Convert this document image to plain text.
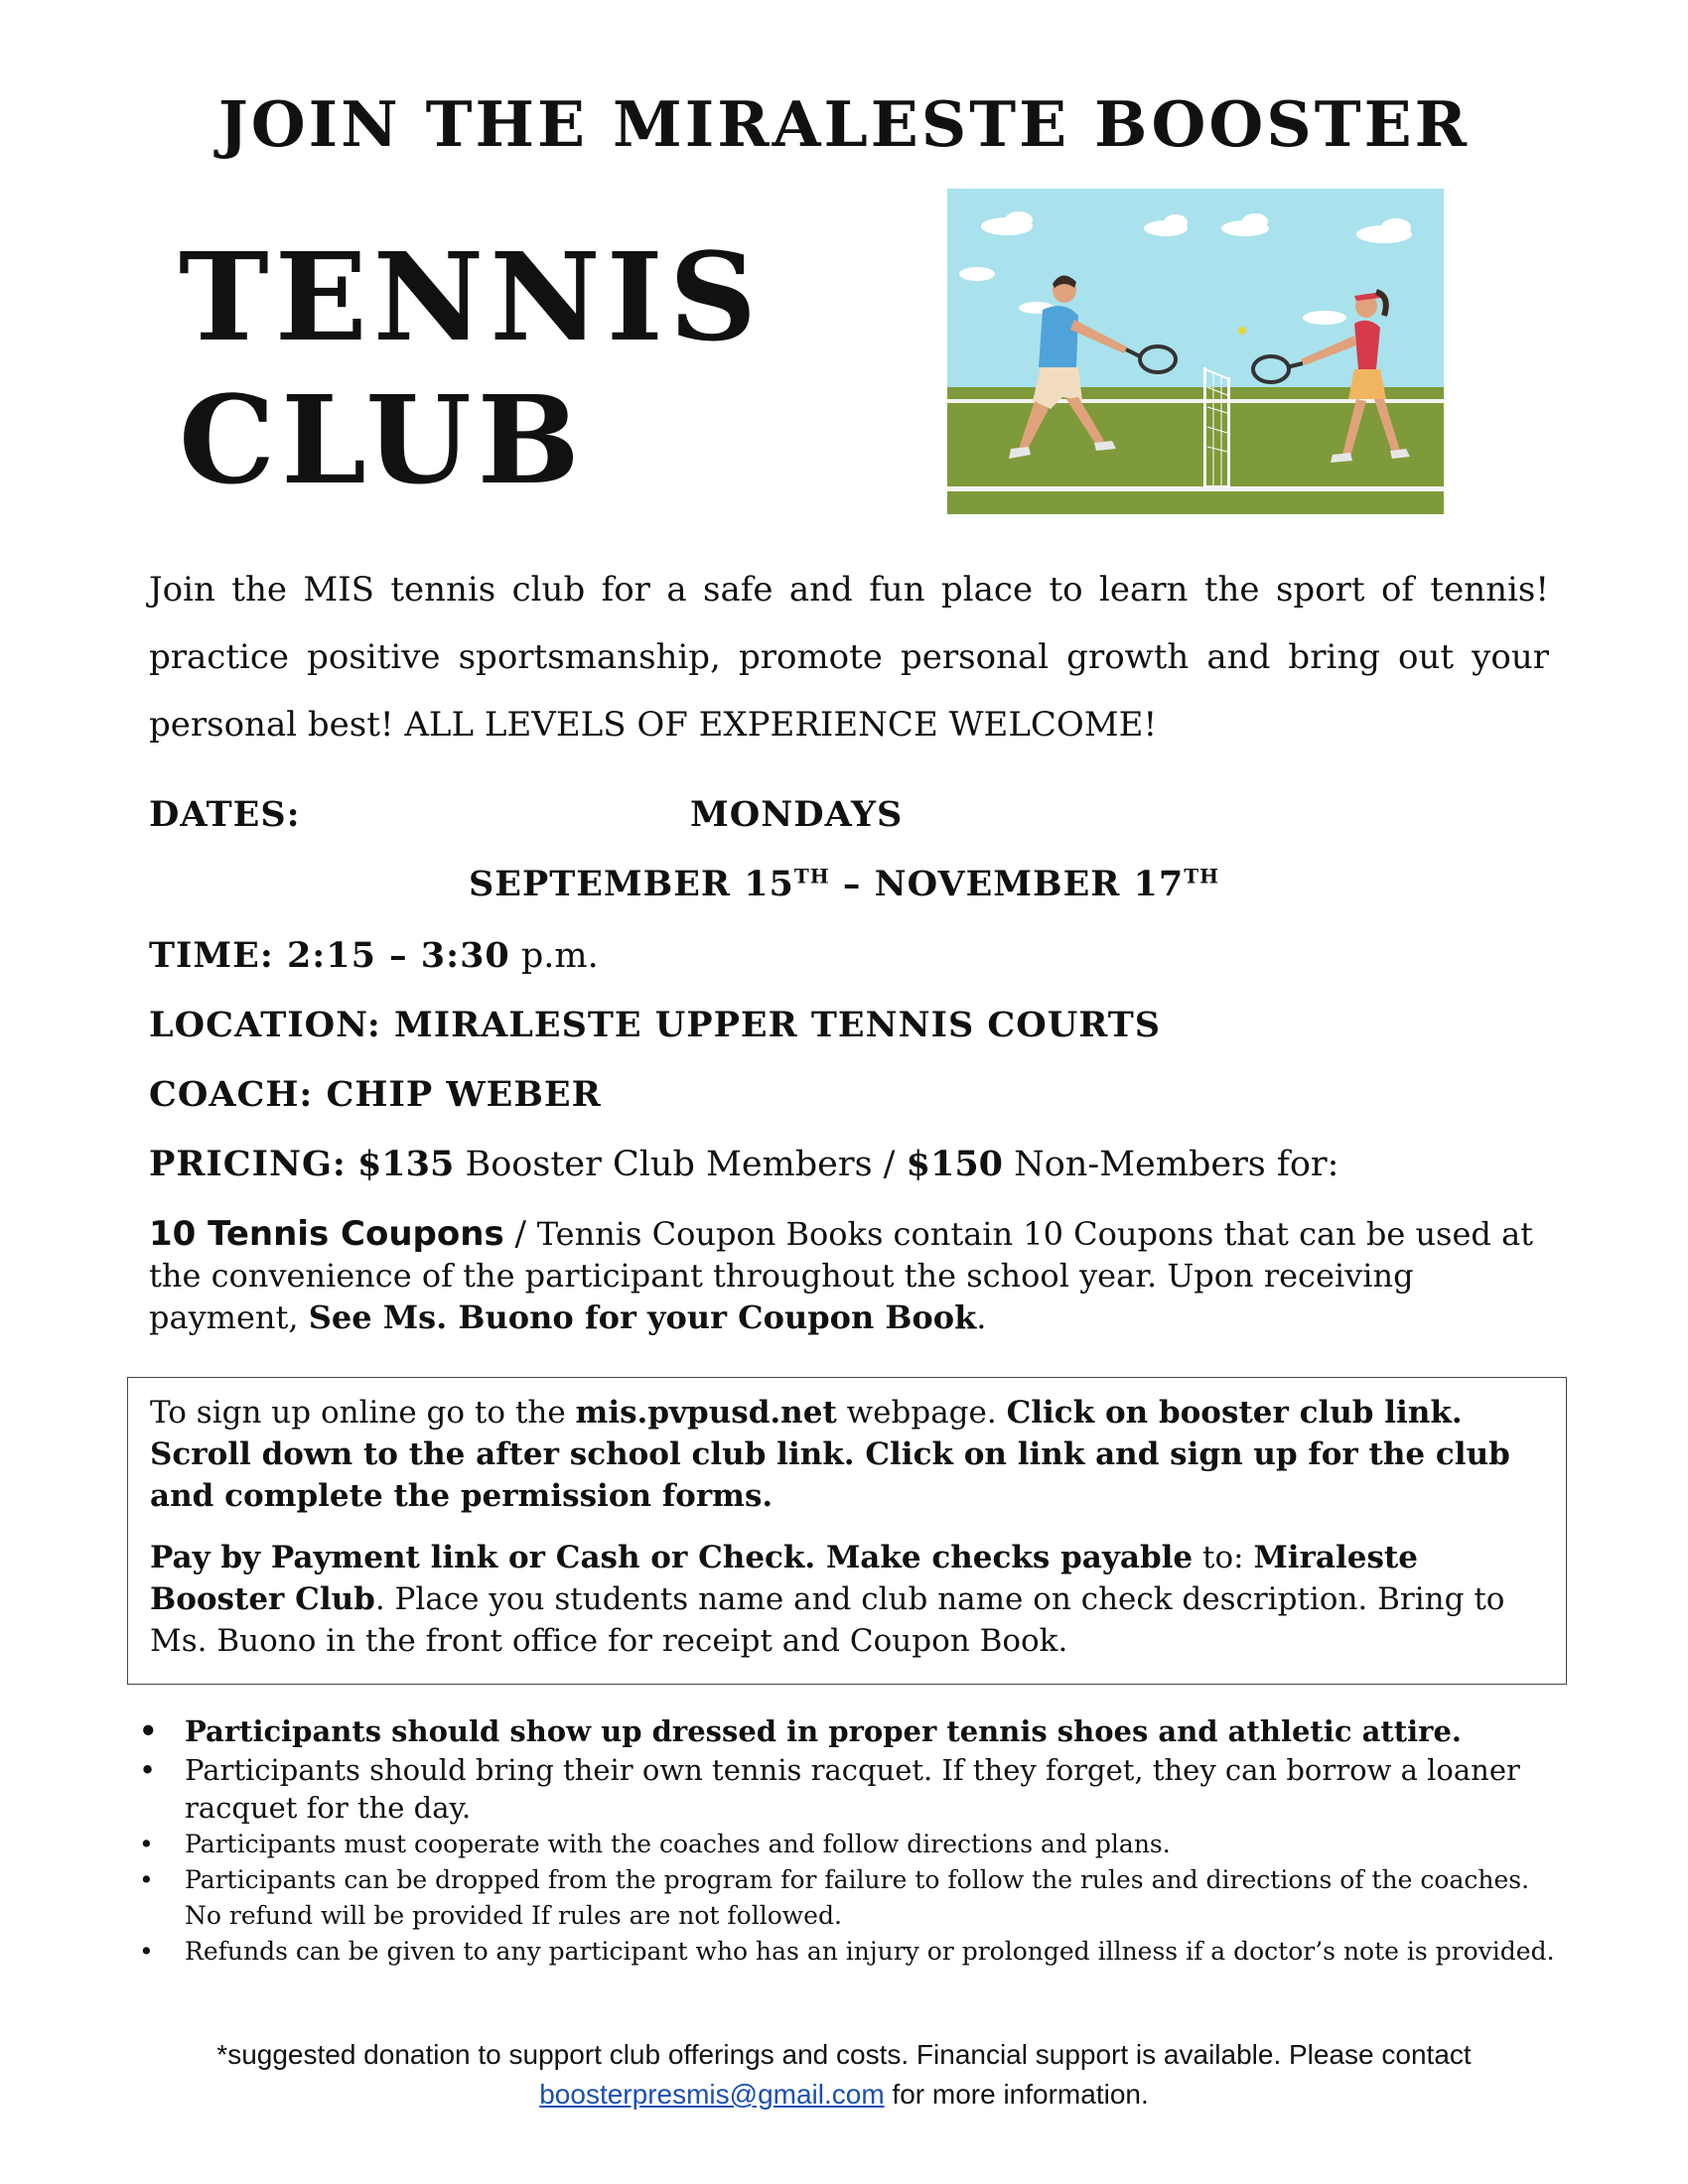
JOIN THE MIRALESTE BOOSTER
TENNIS
CLUB
Join the MIS tennis club for a safe and fun place to learn the sport of tennis! practice positive sportsmanship, promote personal growth and bring out your personal best! ALL LEVELS OF EXPERIENCE WELCOME!
DATES:	MONDAYS
SEPTEMBER 15TH – NOVEMBER 17TH
TIME: 2:15 – 3:30 p.m.
LOCATION: MIRALESTE UPPER TENNIS COURTS
COACH: CHIP WEBER
PRICING: $135 Booster Club Members / $150 Non-Members for:
10 Tennis Coupons / Tennis Coupon Books contain 10 Coupons that can be used at the convenience of the participant throughout the school year. Upon receiving payment, See Ms. Buono for your Coupon Book.

To sign up online go to the mis.pvpusd.net webpage. Click on booster club link. Scroll down to the after school club link. Click on link and sign up for the club and complete the permission forms.

Pay by Payment link or Cash or Check. Make checks payable to: Miraleste Booster Club. Place you students name and club name on check description. Bring to Ms. Buono in the front office for receipt and Coupon Book.

• Participants should show up dressed in proper tennis shoes and athletic attire.
• Participants should bring their own tennis racquet. If they forget, they can borrow a loaner racquet for the day.
• Participants must cooperate with the coaches and follow directions and plans.
• Participants can be dropped from the program for failure to follow the rules and directions of the coaches. No refund will be provided If rules are not followed.
• Refunds can be given to any participant who has an injury or prolonged illness if a doctor’s note is provided.
*suggested donation to support club offerings and costs. Financial support is available. Please contact
boosterpresmis@gmail.com for more information.
